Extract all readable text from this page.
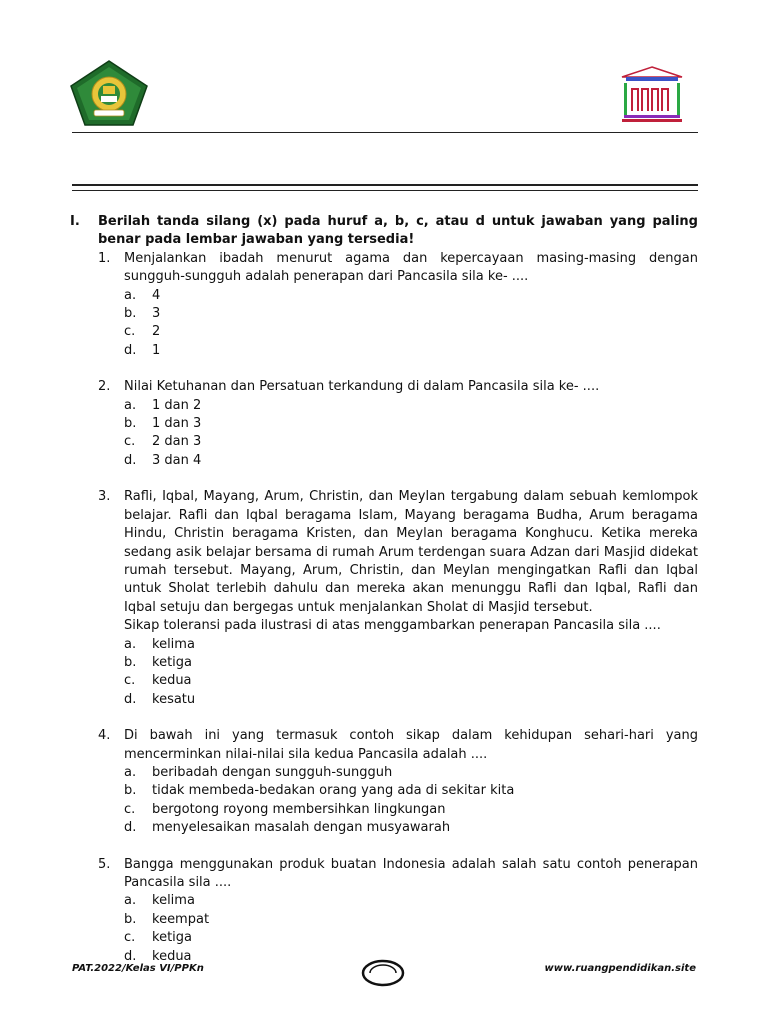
I.	Berilah tanda silang (x) pada huruf a, b, c, atau d untuk jawaban yang paling benar pada lembar jawaban yang tersedia!
1.	Menjalankan ibadah menurut agama dan kepercayaan masing-masing dengan sungguh-sungguh adalah penerapan dari Pancasila sila ke- ....
a.	4
b.	3
c.	2
d.	1
2.	Nilai Ketuhanan dan Persatuan terkandung di dalam Pancasila sila ke- ....
a.	1 dan 2
b.	1 dan 3
c.	2 dan 3
d.	3 dan 4
3.	Rafli, Iqbal, Mayang, Arum, Christin, dan Meylan tergabung dalam sebuah kemlompok belajar. Rafli dan Iqbal beragama Islam, Mayang beragama Budha, Arum beragama Hindu, Christin beragama Kristen, dan Meylan beragama Konghucu. Ketika mereka sedang asik belajar bersama di rumah Arum terdengan suara Adzan dari Masjid didekat rumah tersebut. Mayang, Arum, Christin, dan Meylan mengingatkan Rafli dan Iqbal untuk Sholat terlebih dahulu dan mereka akan menunggu Rafli dan Iqbal, Rafli dan Iqbal setuju dan bergegas untuk menjalankan Sholat di Masjid tersebut.
Sikap toleransi pada ilustrasi di atas menggambarkan penerapan Pancasila sila ....
a.	kelima
b.	ketiga
c.	kedua
d.	kesatu
4.	Di bawah ini yang termasuk contoh sikap dalam kehidupan sehari-hari yang mencerminkan nilai-nilai sila kedua Pancasila adalah ....
a.	beribadah dengan sungguh-sungguh
b.	tidak membeda-bedakan orang yang ada di sekitar kita
c.	bergotong royong membersihkan lingkungan
d.	menyelesaikan masalah dengan musyawarah
5.	Bangga menggunakan produk buatan Indonesia adalah salah satu contoh penerapan Pancasila sila ....
a.	kelima
b.	keempat
c.	ketiga
d.	kedua
PAT.2022/Kelas VI/PPKn	www.ruangpendidikan.site
